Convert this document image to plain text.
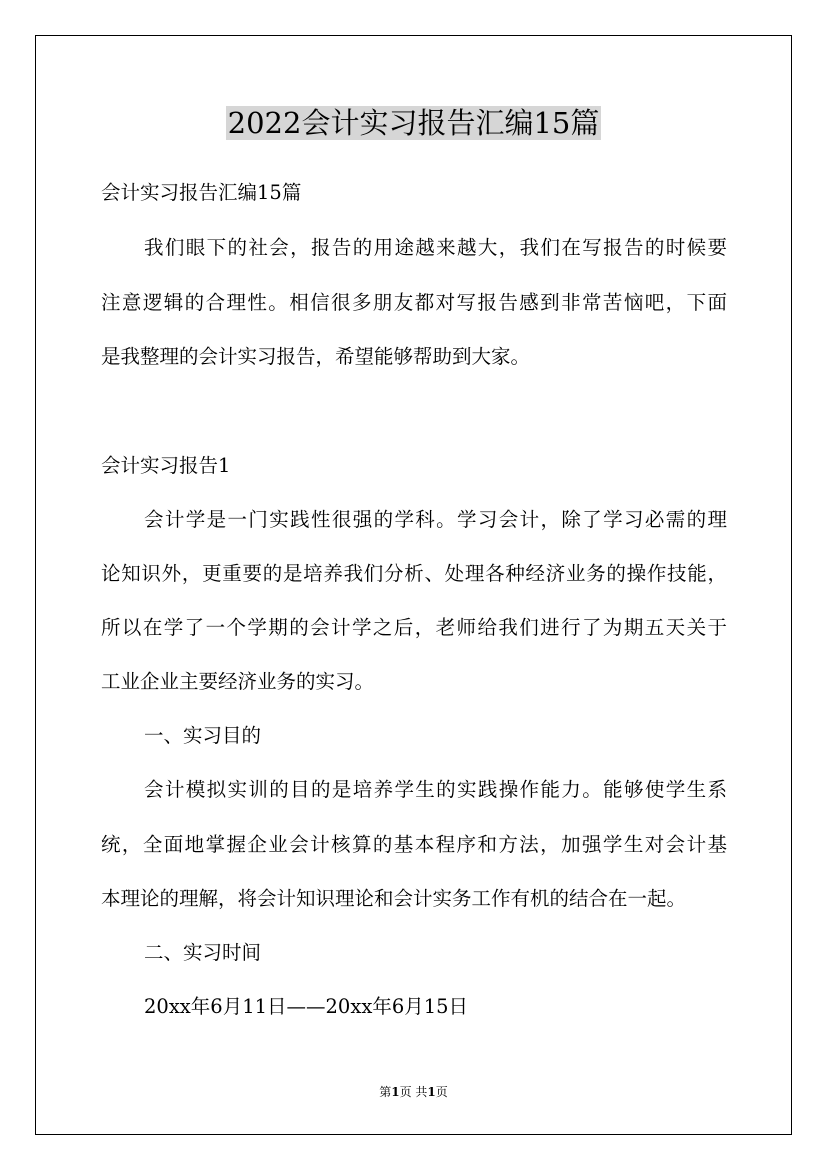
2022会计实习报告汇编15篇
会计实习报告汇编15篇
我们眼下的社会，报告的用途越来越大，我们在写报告的时候要
注意逻辑的合理性。相信很多朋友都对写报告感到非常苦恼吧，下面
是我整理的会计实习报告，希望能够帮助到大家。
会计实习报告1
会计学是一门实践性很强的学科。学习会计，除了学习必需的理
论知识外，更重要的是培养我们分析、处理各种经济业务的操作技能，
所以在学了一个学期的会计学之后，老师给我们进行了为期五天关于
工业企业主要经济业务的实习。
一、实习目的
会计模拟实训的目的是培养学生的实践操作能力。能够使学生系
统，全面地掌握企业会计核算的基本程序和方法，加强学生对会计基
本理论的理解，将会计知识理论和会计实务工作有机的结合在一起。
二、实习时间
20xx年6月11日——20xx年6月15日
第1页 共1页
